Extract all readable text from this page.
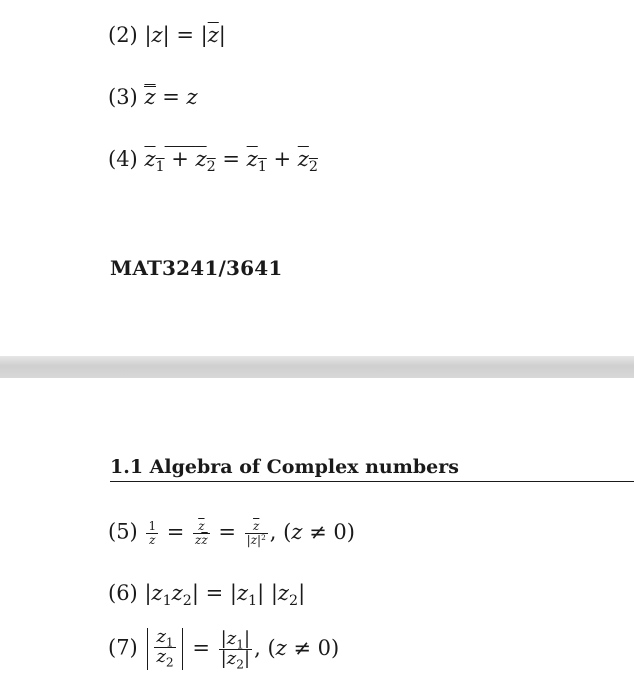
(2) $|z| = |\overline{z}|$
(3) $\overline{z}$
= z
(4) $z_1 + z_2 = z_1 + z_2$
MAT3241/3641
1.1 Algebra of Complex numbers
$(5) \frac{1}{z} = \frac{\overline{z}}{z\overline{z}} = \frac{\overline{z}}{|z|^2}$ , (z ≠ 0)
(6) $|z_1z_2| = |z_1|$ $|z_2|$
$(7) \frac{z_1}{z_2} = \frac{|z_1|}{|z_2|}$ , (z ≠ 0)
